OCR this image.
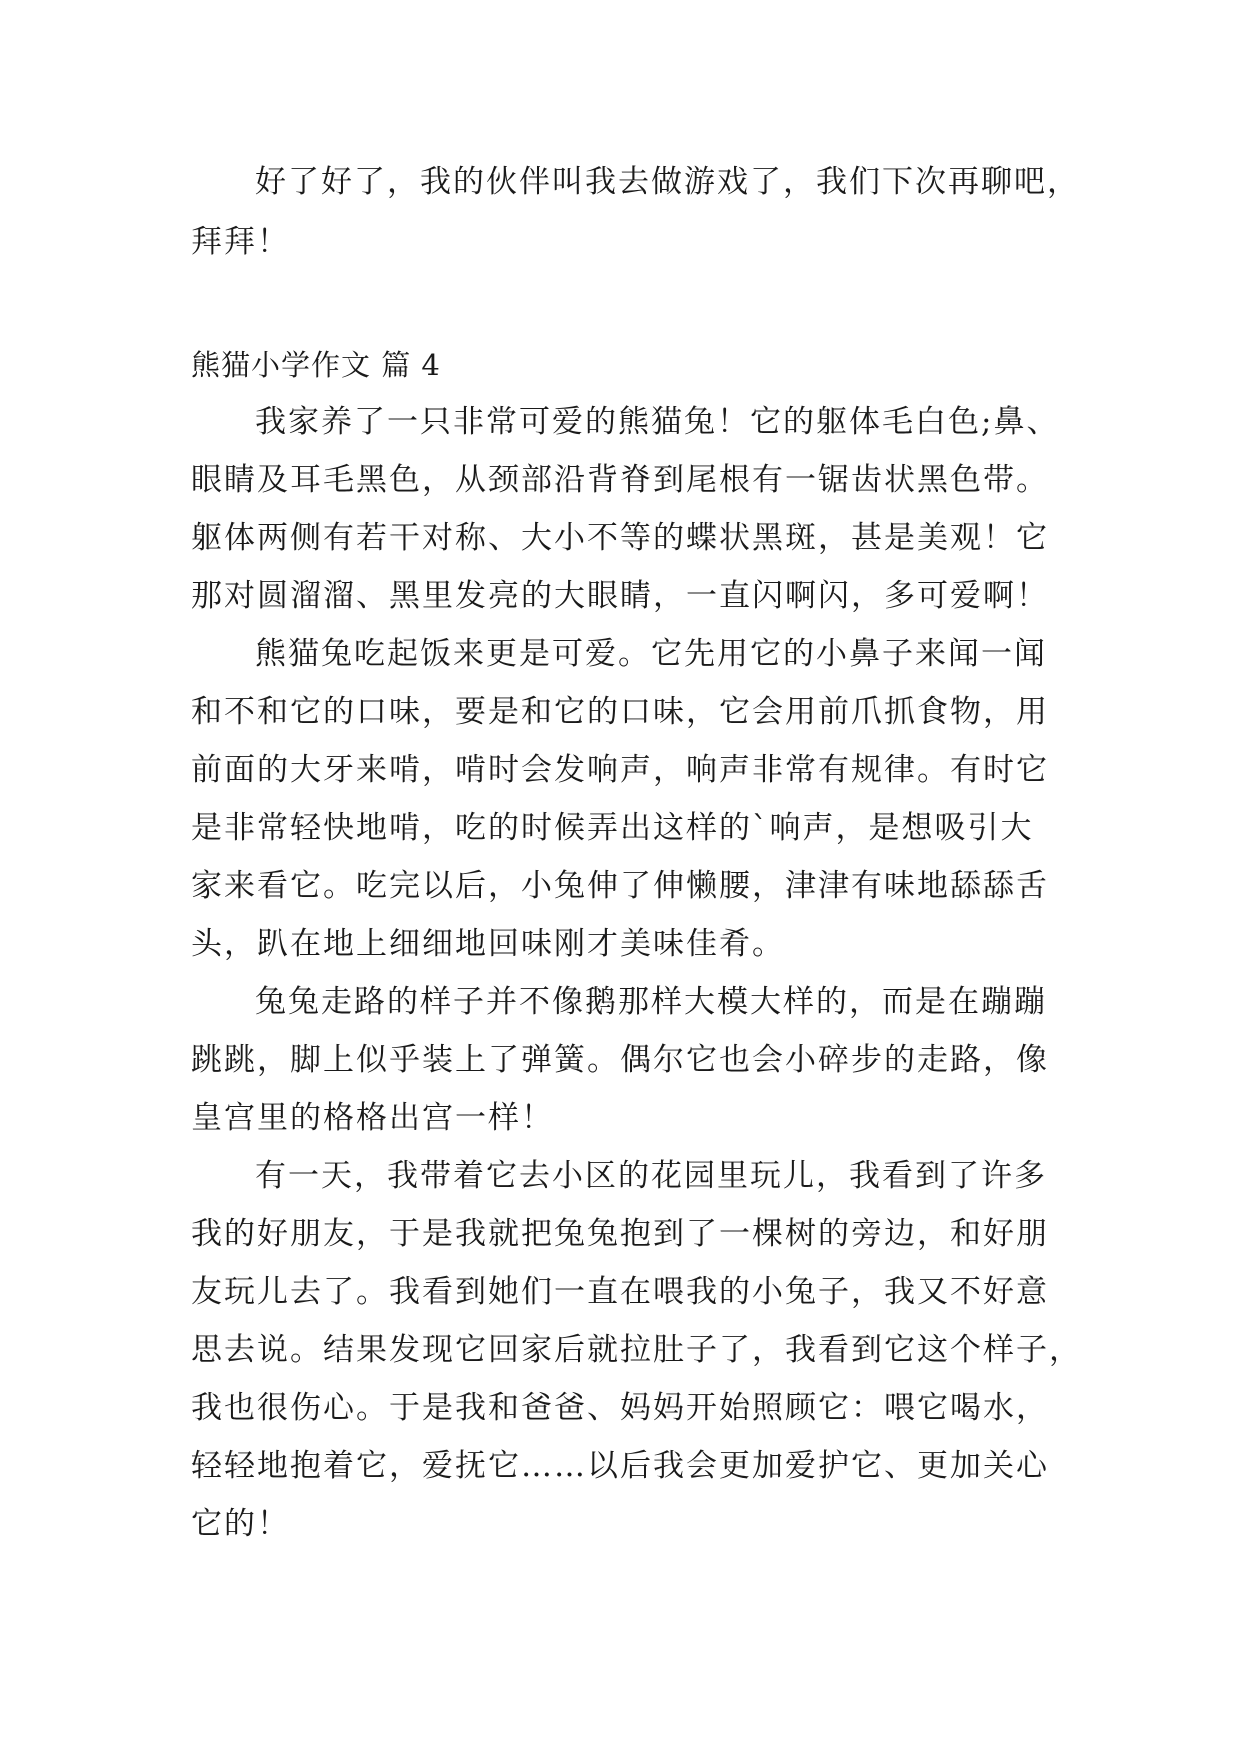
好了好了，我的伙伴叫我去做游戏了，我们下次再聊吧，
拜拜！
熊猫小学作文 篇 4
我家养了一只非常可爱的熊猫兔！它的躯体毛白色;鼻、
眼睛及耳毛黑色，从颈部沿背脊到尾根有一锯齿状黑色带。
躯体两侧有若干对称、大小不等的蝶状黑斑，甚是美观！它
那对圆溜溜、黑里发亮的大眼睛，一直闪啊闪，多可爱啊！
熊猫兔吃起饭来更是可爱。它先用它的小鼻子来闻一闻
和不和它的口味，要是和它的口味，它会用前爪抓食物，用
前面的大牙来啃，啃时会发响声，响声非常有规律。有时它
是非常轻快地啃，吃的时候弄出这样的`响声，是想吸引大
家来看它。吃完以后，小兔伸了伸懒腰，津津有味地舔舔舌
头，趴在地上细细地回味刚才美味佳肴。
兔兔走路的样子并不像鹅那样大模大样的，而是在蹦蹦
跳跳，脚上似乎装上了弹簧。偶尔它也会小碎步的走路，像
皇宫里的格格出宫一样！
有一天，我带着它去小区的花园里玩儿，我看到了许多
我的好朋友，于是我就把兔兔抱到了一棵树的旁边，和好朋
友玩儿去了。我看到她们一直在喂我的小兔子，我又不好意
思去说。结果发现它回家后就拉肚子了，我看到它这个样子，
我也很伤心。于是我和爸爸、妈妈开始照顾它：喂它喝水，
轻轻地抱着它，爱抚它……以后我会更加爱护它、更加关心
它的！
